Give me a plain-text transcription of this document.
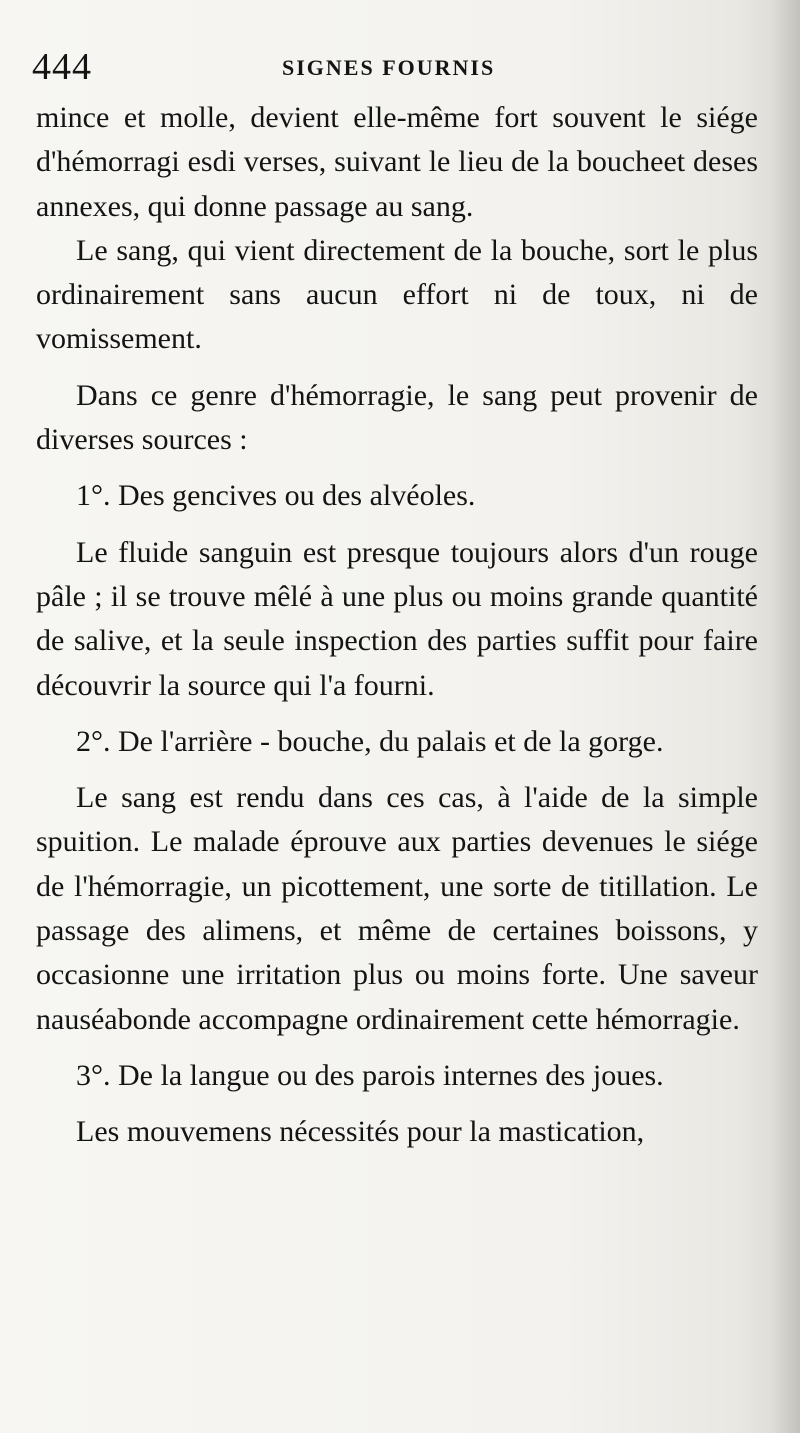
444	SIGNES FOURNIS

mince et molle, devient elle-même fort souvent le siége d'hémorragi esdi verses, suivant le lieu de la boucheet deses annexes, qui donne passage au sang.

Le sang, qui vient directement de la bouche, sort le plus ordinairement sans aucun effort ni de toux, ni de vomissement.

Dans ce genre d'hémorragie, le sang peut provenir de diverses sources :

1°. Des gencives ou des alvéoles.

Le fluide sanguin est presque toujours alors d'un rouge pâle ; il se trouve mêlé à une plus ou moins grande quantité de salive, et la seule inspection des parties suffit pour faire découvrir la source qui l'a fourni.

2°. De l'arrière - bouche, du palais et de la gorge.

Le sang est rendu dans ces cas, à l'aide de la simple spuition. Le malade éprouve aux parties devenues le siége de l'hémorragie, un picottement, une sorte de titillation. Le passage des alimens, et même de certaines boissons, y occasionne une irritation plus ou moins forte. Une saveur nauséabonde accompagne ordinairement cette hémorragie.

3°. De la langue ou des parois internes des joues.

Les mouvemens nécessités pour la mastication,
